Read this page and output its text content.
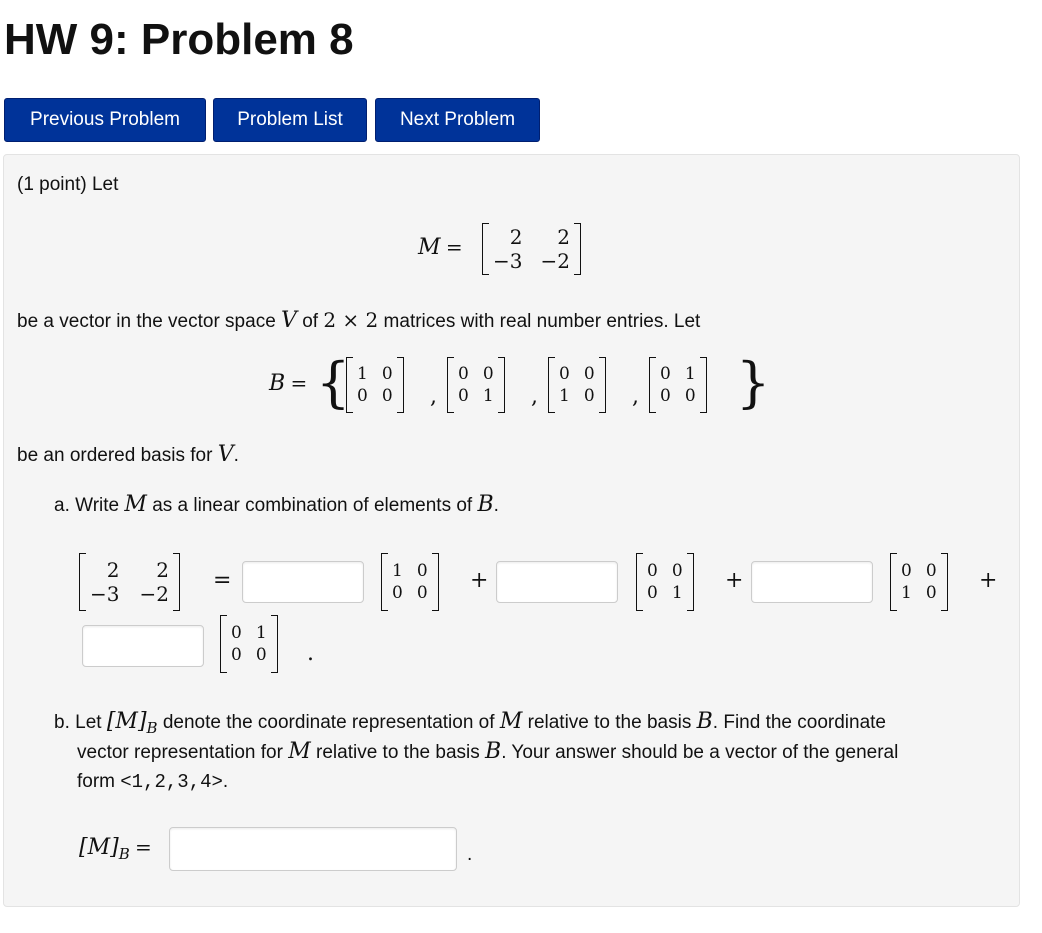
HW 9: Problem 8
Previous Problem	Problem List	Next Problem
(1 point) Let
M =	2	2
−3 −2
be a vector in the vector space V of 2 × 2 matrices with real number entries. Let
B = { 1 0
0 0 ,
0 0
0 1 ,
0 0
1 0 ,
0 1
0 0 }
be an ordered basis for V.
a. Write M as a linear combination of elements of B.
2	2
−3 −2
=	1 0
0 0 +	0 0
0 1 +	0 0
1 0 +
0 1
0 0 .
b. Let $[M]_B$ denote the coordinate representation of M relative to the basis B. Find the coordinate
vector representation for M relative to the basis B. Your answer should be a vector of the general
form <1,2,3,4>.
$[M]_B$ =	.
